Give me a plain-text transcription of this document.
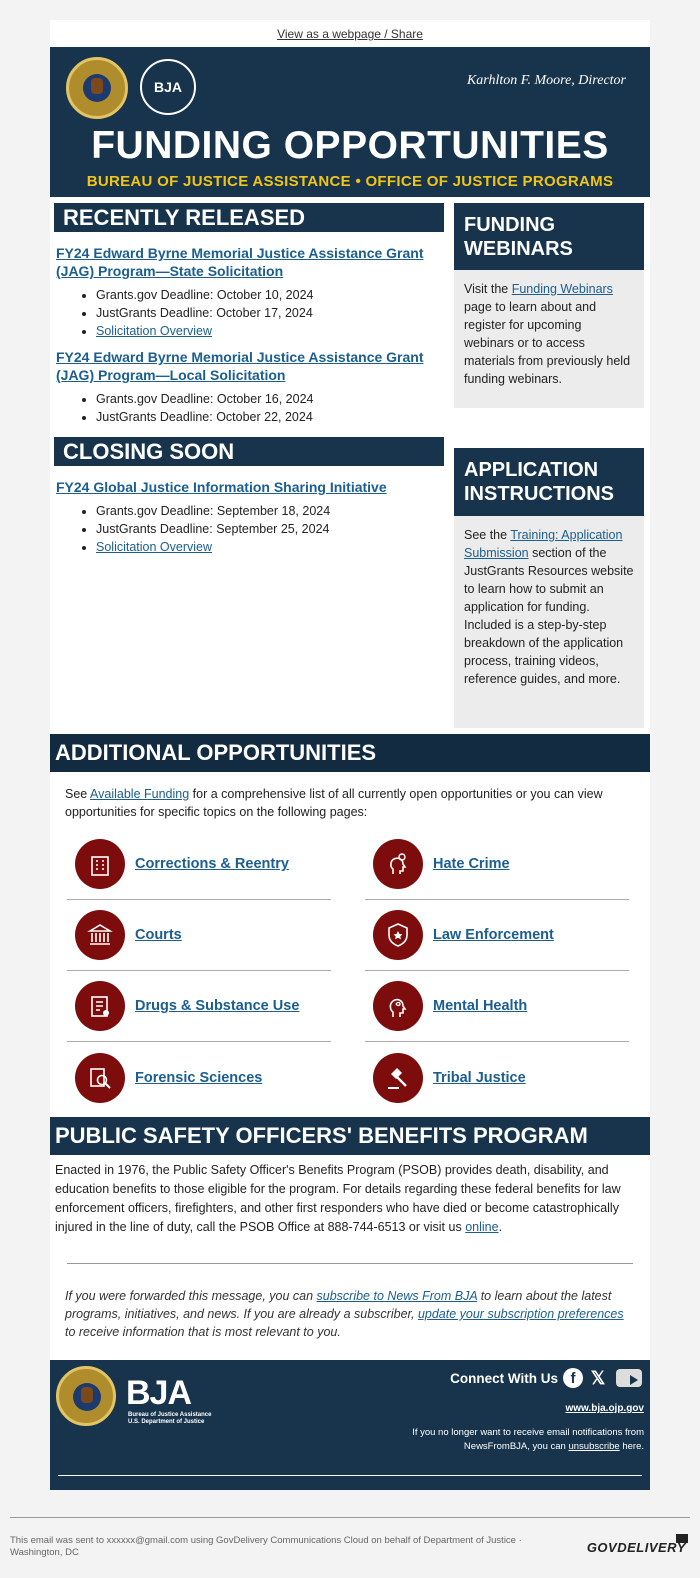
View as a webpage / Share
BJA	Karhlton F. Moore, Director
FUNDING OPPORTUNITIES
BUREAU OF JUSTICE ASSISTANCE • OFFICE OF JUSTICE PROGRAMS
RECENTLY RELEASED
FY24 Edward Byrne Memorial Justice Assistance Grant (JAG) Program—State Solicitation
• Grants.gov Deadline: October 10, 2024
• JustGrants Deadline: October 17, 2024
• Solicitation Overview
FY24 Edward Byrne Memorial Justice Assistance Grant (JAG) Program—Local Solicitation
• Grants.gov Deadline: October 16, 2024
• JustGrants Deadline: October 22, 2024
CLOSING SOON
FY24 Global Justice Information Sharing Initiative
• Grants.gov Deadline: September 18, 2024
• JustGrants Deadline: September 25, 2024
• Solicitation Overview
FUNDING WEBINARS
Visit the Funding Webinars page to learn about and register for upcoming webinars or to access materials from previously held funding webinars.
APPLICATION INSTRUCTIONS
See the Training: Application Submission section of the JustGrants Resources website to learn how to submit an application for funding. Included is a step-by-step breakdown of the application process, training videos, reference guides, and more.
ADDITIONAL OPPORTUNITIES
See Available Funding for a comprehensive list of all currently open opportunities or you can view opportunities for specific topics on the following pages:
Corrections & Reentry	Hate Crime
Courts	Law Enforcement
Drugs & Substance Use	Mental Health
Forensic Sciences	Tribal Justice
PUBLIC SAFETY OFFICERS' BENEFITS PROGRAM
Enacted in 1976, the Public Safety Officer's Benefits Program (PSOB) provides death, disability, and education benefits to those eligible for the program. For details regarding these federal benefits for law enforcement officers, firefighters, and other first responders who have died or become catastrophically injured in the line of duty, call the PSOB Office at 888-744-6513 or visit us online.
If you were forwarded this message, you can subscribe to News From BJA to learn about the latest programs, initiatives, and news. If you are already a subscriber, update your subscription preferences to receive information that is most relevant to you.
BJA
Bureau of Justice Assistance U.S. Department of Justice
Connect With Us f 𝕏
www.bja.ojp.gov
If you no longer want to receive email notifications from NewsFromBJA, you can unsubscribe here.
This email was sent to xxxxxx@gmail.com using GovDelivery Communications Cloud on behalf of Department of Justice · Washington, DC	GOVDELIVERY
